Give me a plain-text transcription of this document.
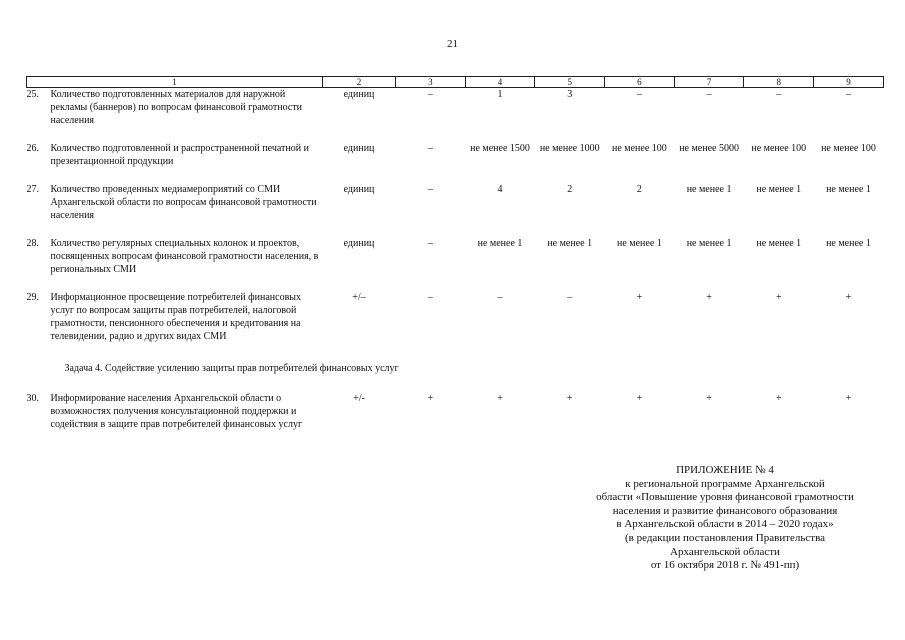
21
1	2	3	4	5	6	7	8	9

25. Количество подготовленных материалов для наружной рекламы (баннеров) по вопросам финансовой грамотности населения	единиц	–	1	3	–	–	–	–

26. Количество подготовленной и распространенной печатной и презентационной продукции	единиц	–	не менее 1500	не менее 1000	не менее 100	не менее 5000	не менее 100	не менее 100

27. Количество проведенных медиамероприятий со СМИ Архангельской области по вопросам финансовой грамотности населения	единиц	–	4	2	2	не менее 1	не менее 1	не менее 1

28. Количество регулярных специальных колонок и проектов, посвященных вопросам финансовой грамотности населения, в региональных СМИ	единиц	–	не менее 1	не менее 1	не менее 1	не менее 1	не менее 1	не менее 1

29. Информационное просвещение потребителей финансовых услуг по вопросам защиты прав потребителей, налоговой грамотности, пенсионного обеспечения и кредитования на телевидении, радио и других видах СМИ	+/–	–	–	–	+	+	+	+
Задача 4. Содействие усилению защиты прав потребителей финансовых услуг								

30. Информирование населения Архангельской области о возможностях получения консультационной поддержки и содействия в защите прав потребителей финансовых услуг	+/-	+	+	+	+	+	+	+
ПРИЛОЖЕНИЕ № 4
к региональной программе Архангельской
области «Повышение уровня финансовой грамотности
населения и развитие финансового образования
в Архангельской области в 2014 – 2020 годах»
(в редакции постановления Правительства
Архангельской области
от 16 октября 2018 г. № 491-пп)
